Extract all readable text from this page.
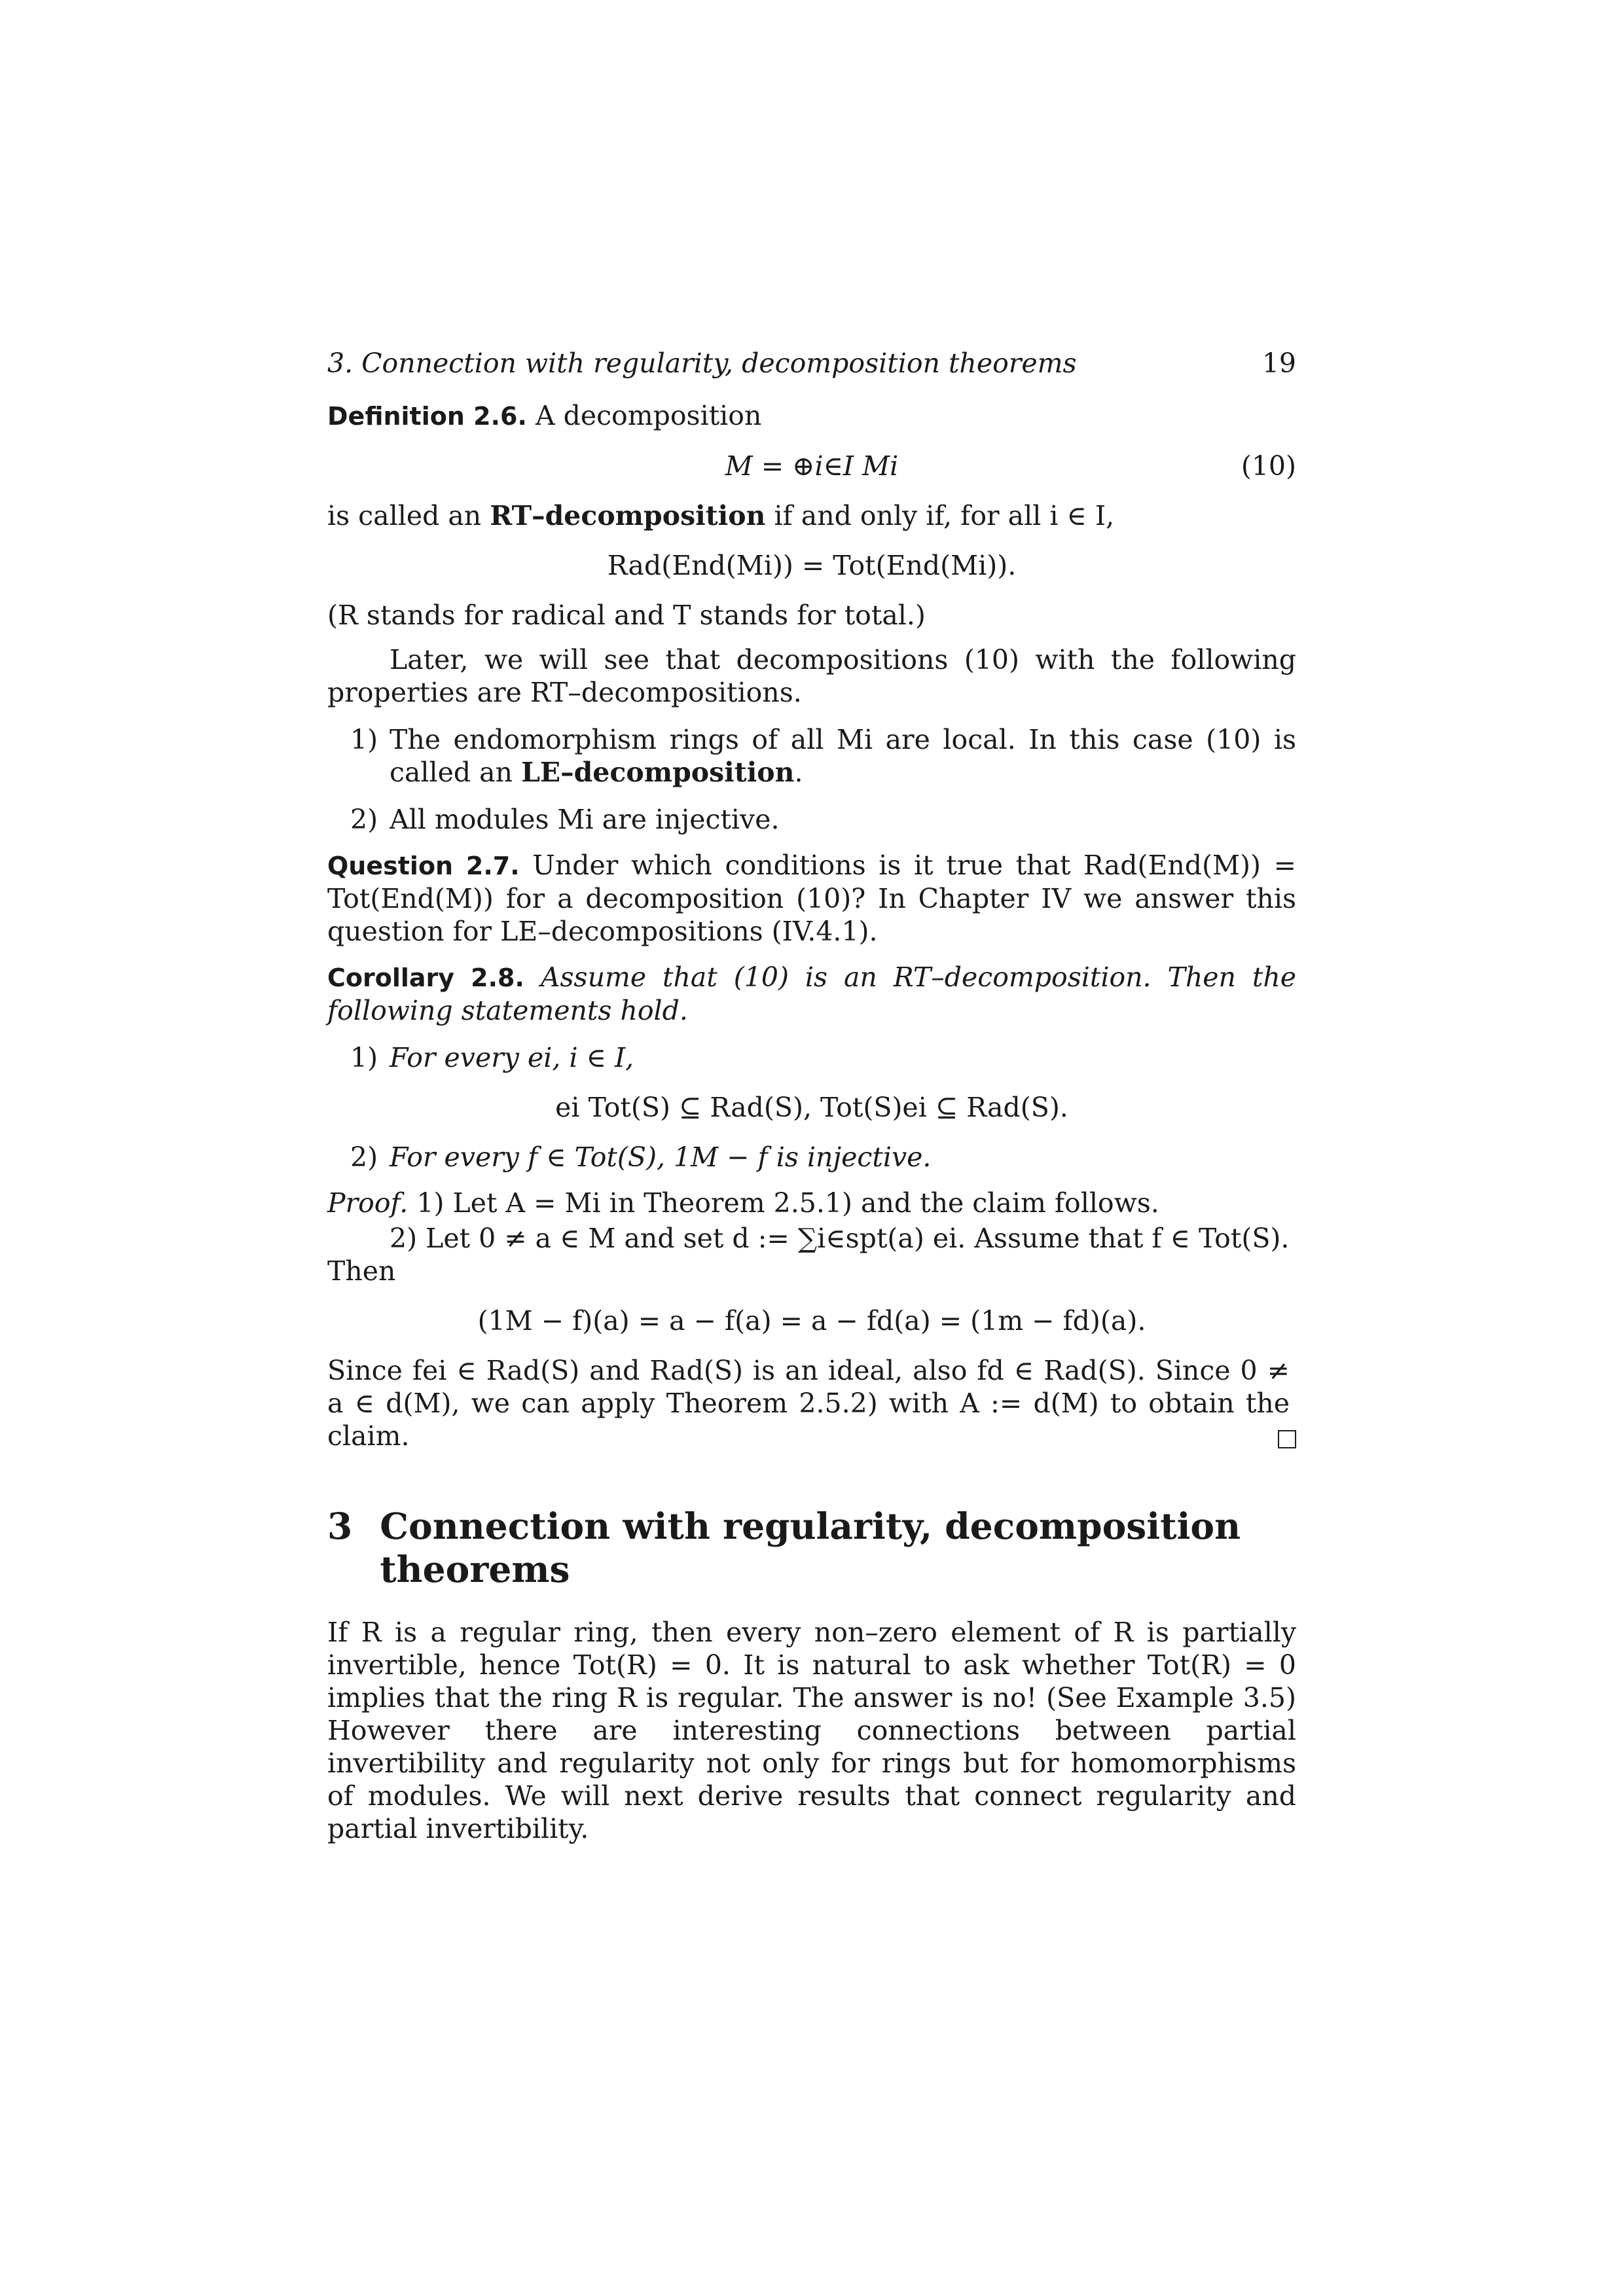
3. Connection with regularity, decomposition theorems	19

Definition 2.6. A decomposition

M = ⊕i∈I Mi	(10)

is called an RT–decomposition if and only if, for all i ∈ I,

Rad(End(Mi)) = Tot(End(Mi)).

(R stands for radical and T stands for total.)

Later, we will see that decompositions (10) with the following properties are RT–decompositions.

1) The endomorphism rings of all Mi are local. In this case (10) is called an LE–decomposition.
2) All modules Mi are injective.

Question 2.7. Under which conditions is it true that Rad(End(M)) = Tot(End(M)) for a decomposition (10)? In Chapter IV we answer this question for LE–decompositions (IV.4.1).

Corollary 2.8. Assume that (10) is an RT–decomposition. Then the following statements hold.

1) For every ei, i ∈ I,
ei Tot(S) ⊆ Rad(S), Tot(S)ei ⊆ Rad(S).
2) For every f ∈ Tot(S), 1M − f is injective.

Proof. 1) Let A = Mi in Theorem 2.5.1) and the claim follows.

2) Let 0 ≠ a ∈ M and set d := ∑i∈spt(a) ei. Assume that f ∈ Tot(S). Then

(1M − f)(a) = a − f(a) = a − fd(a) = (1m − fd)(a).

Since fei ∈ Rad(S) and Rad(S) is an ideal, also fd ∈ Rad(S). Since 0 ≠ a ∈ d(M), we can apply Theorem 2.5.2) with A := d(M) to obtain the claim.

3 Connection with regularity, decomposition theorems

If R is a regular ring, then every non–zero element of R is partially invertible, hence Tot(R) = 0. It is natural to ask whether Tot(R) = 0 implies that the ring R is regular. The answer is no! (See Example 3.5) However there are interesting connections between partial invertibility and regularity not only for rings but for homomorphisms of modules. We will next derive results that connect regularity and partial invertibility.
